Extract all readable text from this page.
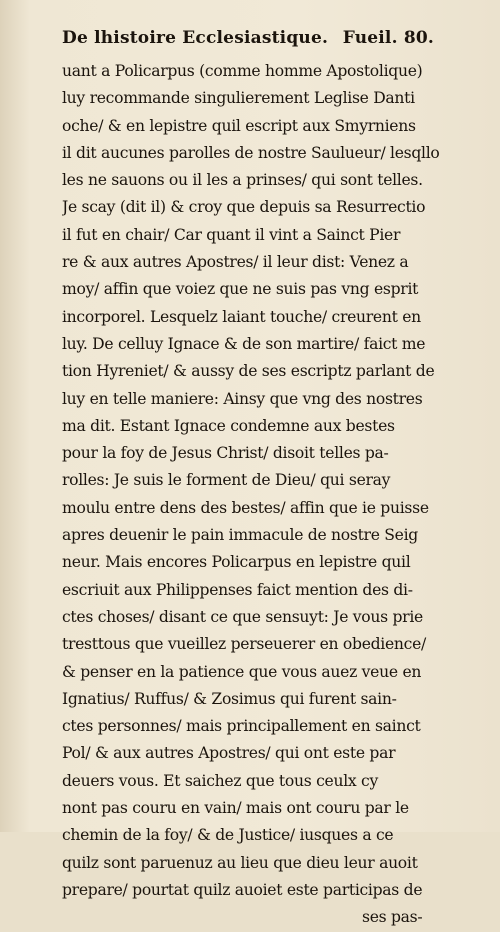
De lhistoire Ecclesiastique. Fueil. 80.
uant a Policarpus (comme homme Apostolique)
luy recommande singulierement Leglise Danti
oche/ & en lepistre quil escript aux Smyrniens
il dit aucunes parolles de nostre Saulueur/ lesqllo
les ne sauons ou il les a prinses/ qui sont telles.
Je scay (dit il) & croy que depuis sa Resurrectio
il fut en chair/ Car quant il vint a Sainct Pier
re & aux autres Apostres/ il leur dist: Venez a
moy/ affin que voiez que ne suis pas vng esprit
incorporel. Lesquelz laiant touche/ creurent en
luy. De celluy Ignace & de son martire/ faict me
tion Hyreniet/ & aussy de ses escriptz parlant de
luy en telle maniere: Ainsy que vng des nostres
ma dit. Estant Ignace condemne aux bestes
pour la foy de Jesus Christ/ disoit telles pa-
rolles: Je suis le forment de Dieu/ qui seray
moulu entre dens des bestes/ affin que ie puisse
apres deuenir le pain immacule de nostre Seig
neur. Mais encores Policarpus en lepistre quil
escriuit aux Philippenses faict mention des di-
ctes choses/ disant ce que sensuyt: Je vous prie
tresttous que vueillez perseuerer en obedience/
& penser en la patience que vous auez veue en
Ignatius/ Ruffus/ & Zosimus qui furent sain-
ctes personnes/ mais principallement en sainct
Pol/ & aux autres Apostres/ qui ont este par
deuers vous. Et saichez que tous ceulx cy
nont pas couru en vain/ mais ont couru par le
chemin de la foy/ & de Justice/ iusques a ce
quilz sont paruenuz au lieu que dieu leur auoit
prepare/ pourtat quilz auoiet este participas de
ses pas-
